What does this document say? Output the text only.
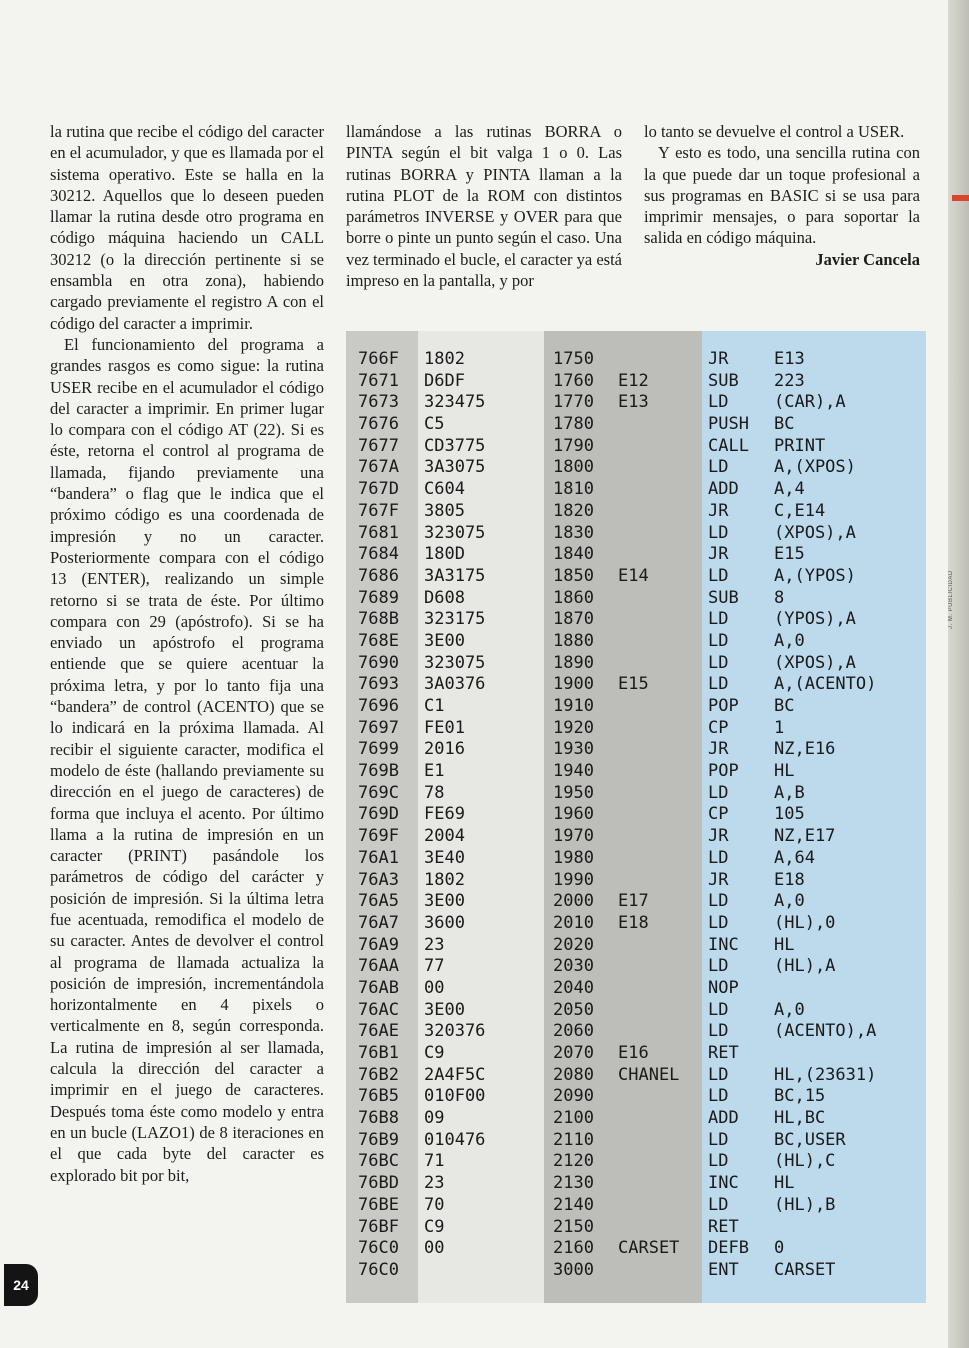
J. M. PUBLICIDAD

la rutina que recibe el código del caracter en el acumulador, y que es llamada por el sistema operativo. Este se halla en la 30212. Aquellos que lo deseen pueden llamar la rutina desde otro programa en código máquina haciendo un CALL 30212 (o la dirección pertinente si se ensambla en otra zona), habiendo cargado previamente el registro A con el código del caracter a imprimir.

El funcionamiento del programa a grandes rasgos es como sigue: la rutina USER recibe en el acumulador el código del caracter a imprimir. En primer lugar lo compara con el código AT (22). Si es éste, retorna el control al programa de llamada, fijando previamente una “bandera” o flag que le indica que el próximo código es una coordenada de impresión y no un caracter. Posteriormente compara con el código 13 (ENTER), realizando un simple retorno si se trata de éste. Por último compara con 29 (apóstrofo). Si se ha enviado un apóstrofo el programa entiende que se quiere acentuar la próxima letra, y por lo tanto fija una “bandera” de control (ACENTO) que se lo indicará en la próxima llamada. Al recibir el siguiente caracter, modifica el modelo de éste (hallando previamente su dirección en el juego de caracteres) de forma que incluya el acento. Por último llama a la rutina de impresión en un caracter (PRINT) pasándole los parámetros de código del carácter y posición de impresión. Si la última letra fue acentuada, remodifica el modelo de su caracter. Antes de devolver el control al programa de llamada actualiza la posición de impresión, incrementándola horizontalmente en 4 pixels o verticalmente en 8, según corresponda. La rutina de impresión al ser llamada, calcula la dirección del caracter a imprimir en el juego de caracteres. Después toma éste como modelo y entra en un bucle (LAZO1) de 8 iteraciones en el que cada byte del caracter es explorado bit por bit,

llamándose a las rutinas BORRA o PINTA según el bit valga 1 o 0. Las rutinas BORRA y PINTA llaman a la rutina PLOT de la ROM con distintos parámetros INVERSE y OVER para que borre o pinte un punto según el caso. Una vez terminado el bucle, el caracter ya está impreso en la pantalla, y por

lo tanto se devuelve el control a USER.

Y esto es todo, una sencilla rutina con la que puede dar un toque profesional a sus programas en BASIC si se usa para imprimir mensajes, o para soportar la salida en código máquina.

Javier Cancela

766F 1802	1750	JR	E13
7671 D6DF	1760 E12	SUB 223
7673 323475	1770 E13	LD	(CAR),A
7676 C5	1780	PUSH BC
7677 CD3775	1790	CALL PRINT
767A 3A3075	1800	LD	A,(XPOS)
767D C604	1810	ADD A,4
767F 3805	1820	JR	C,E14
7681 323075	1830	LD	(XPOS),A
7684 180D	1840	JR	E15
7686 3A3175	1850 E14	LD	A,(YPOS)
7689 D608	1860	SUB 8
768B 323175	1870	LD	(YPOS),A
768E 3E00	1880	LD	A,0
7690 323075	1890	LD	(XPOS),A
7693 3A0376	1900 E15	LD	A,(ACENTO)
7696 C1	1910	POP BC
7697 FE01	1920	CP	1
7699 2016	1930	JR	NZ,E16
769B E1	1940	POP HL
769C 78	1950	LD	A,B
769D FE69	1960	CP	105
769F 2004	1970	JR	NZ,E17
76A1 3E40	1980	LD	A,64
76A3 1802	1990	JR	E18
76A5 3E00	2000 E17	LD	A,0
76A7 3600	2010 E18	LD	(HL),0
76A9 23	2020	INC HL
76AA 77	2030	LD	(HL),A
76AB 00	2040	NOP
76AC 3E00	2050	LD	A,0
76AE 320376	2060	LD	(ACENTO),A
76B1 C9	2070 E16	RET
76B2 2A4F5C	2080 CHANEL LD	HL,(23631)
76B5 010F00	2090	LD	BC,15
76B8 09	2100	ADD HL,BC
76B9 010476	2110	LD	BC,USER
76BC 71	2120	LD	(HL),C
76BD 23	2130	INC HL
76BE 70	2140	LD	(HL),B
76BF C9	2150	RET
76C0 00	2160 CARSET DEFB 0
76C0	3000	ENT CARSET
24
